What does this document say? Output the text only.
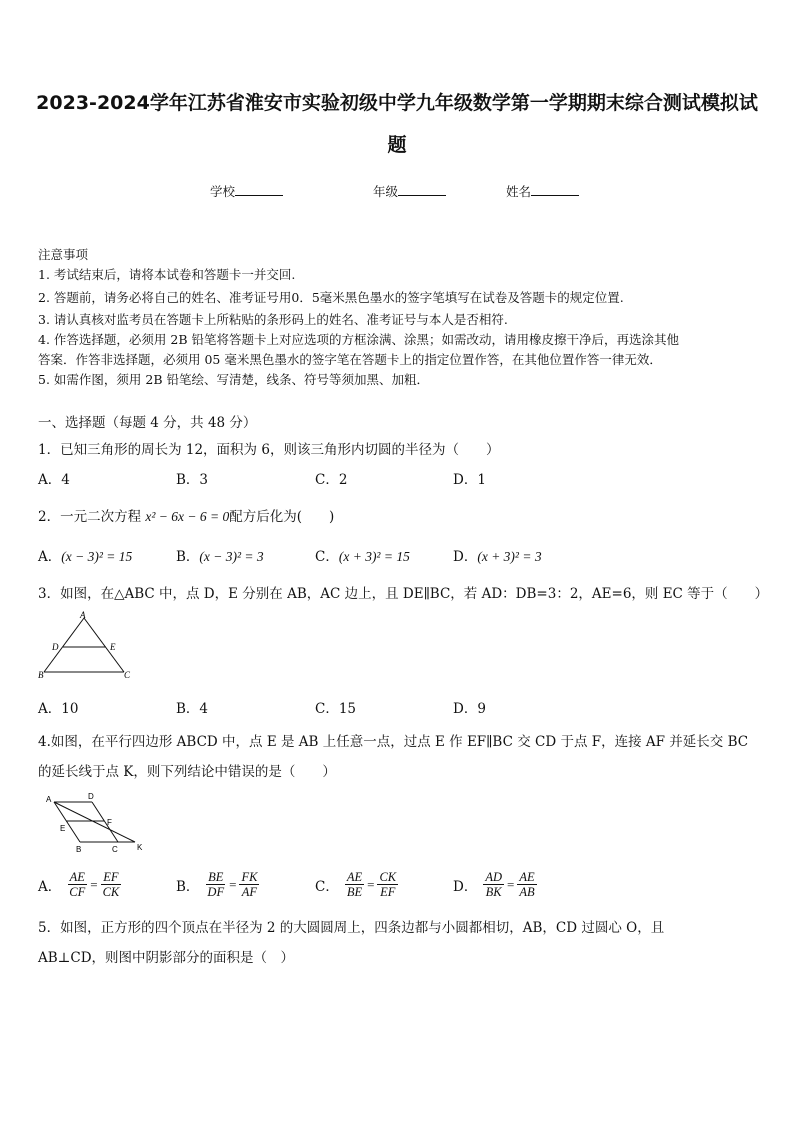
2023-2024学年江苏省淮安市实验初级中学九年级数学第一学期期末综合测试模拟试
题
学校	年级	姓名
注意事项
1. 考试结束后，请将本试卷和答题卡一并交回.
2. 答题前，请务必将自己的姓名、准考证号用0．5毫米黑色墨水的签字笔填写在试卷及答题卡的规定位置.
3. 请认真核对监考员在答题卡上所粘贴的条形码上的姓名、准考证号与本人是否相符.
4. 作答选择题，必须用 2B 铅笔将答题卡上对应选项的方框涂满、涂黑；如需改动，请用橡皮擦干净后，再选涂其他
答案．作答非选择题，必须用 05 毫米黑色墨水的签字笔在答题卡上的指定位置作答，在其他位置作答一律无效．
5. 如需作图，须用 2B 铅笔绘、写清楚，线条、符号等须加黑、加粗．
一、选择题（每题 4 分，共 48 分）
1．已知三角形的周长为 12，面积为 6，则该三角形内切圆的半径为（　　）
A．4	B．3	C．2	D．1
2．一元二次方程 x² − 6x − 6 = 0配方后化为(　　)
A．(x − 3)² = 15	B．(x − 3)² = 3	C．(x + 3)² = 15	D．(x + 3)² = 3
3．如图，在△ABC 中，点 D，E 分别在 AB，AC 边上，且 DE∥BC，若 AD：DB=3：2，AE=6，则 EC 等于（　　）
A
D	E
B	C
A．10	B．4	C．15	D．9
4.如图，在平行四边形 ABCD 中，点 E 是 AB 上任意一点，过点 E 作 EF∥BC 交 CD 于点 F，连接 AF 并延长交 BC
的延长线于点 K，则下列结论中错误的是（　　）
A	D
E
F
B	C K
A． $\frac{AE}{CF} = \frac{EF}{CK}$	B． $\frac{BE}{DF} = \frac{FK}{AF}$	C． $\frac{AE}{BE} = \frac{CK}{EF}$	D． $\frac{AD}{BK} = \frac{AE}{AB}$
5．如图，正方形的四个顶点在半径为 2 的大圆圆周上，四条边都与小圆都相切，AB，CD 过圆心 O，且
AB⊥CD，则图中阴影部分的面积是（　）
